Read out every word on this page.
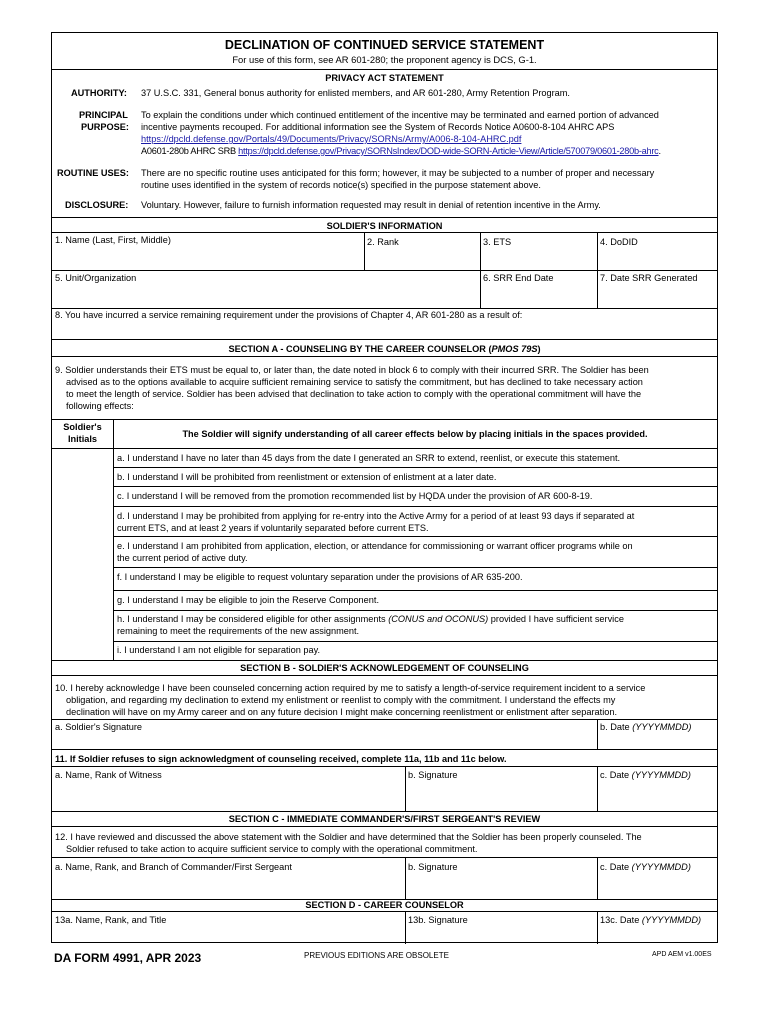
DECLINATION OF CONTINUED SERVICE STATEMENT
For use of this form, see AR 601-280; the proponent agency is DCS, G-1.
PRIVACY ACT STATEMENT
AUTHORITY: 37 U.S.C. 331, General bonus authority for enlisted members, and AR 601-280, Army Retention Program.
PRINCIPAL
PURPOSE:
To explain the conditions under which continued entitlement of the incentive may be terminated and earned portion of advanced
incentive payments recouped. For additional information see the System of Records Notice A0600-8-104 AHRC APS
https://dpcld.defense.gov/Portals/49/Documents/Privacy/SORNs/Army/A006-8-104-AHRC.pdf
A0601-280b AHRC SRB https://dpcld.defense.gov/Privacy/SORNsIndex/DOD-wide-SORN-Article-View/Article/570079/0601-280b-ahrc.
ROUTINE USES: There are no specific routine uses anticipated for this form; however, it may be subjected to a number of proper and necessary
routine uses identified in the system of records notice(s) specified in the purpose statement above.
DISCLOSURE: Voluntary. However, failure to furnish information requested may result in denial of retention incentive in the Army.
SOLDIER'S INFORMATION
1. Name (Last, First, Middle)	2. Rank	3. ETS	4. DoDID
5. Unit/Organization	6. SRR End Date	7. Date SRR Generated
8. You have incurred a service remaining requirement under the provisions of Chapter 4, AR 601-280 as a result of:
SECTION A - COUNSELING BY THE CAREER COUNSELOR (PMOS 79S)
9. Soldier understands their ETS must be equal to, or later than, the date noted in block 6 to comply with their incurred SRR. The Soldier has been
advised as to the options available to acquire sufficient remaining service to satisfy the commitment, but has declined to take necessary action
to meet the length of service. Soldier has been advised that declination to take action to comply with the operational commitment will have the
following effects:
Soldier's
Initials	The Soldier will signify understanding of all career effects below by placing initials in the spaces provided.
a. I understand I have no later than 45 days from the date I generated an SRR to extend, reenlist, or execute this statement.
b. I understand I will be prohibited from reenlistment or extension of enlistment at a later date.
c. I understand I will be removed from the promotion recommended list by HQDA under the provision of AR 600-8-19.
d. I understand I may be prohibited from applying for re-entry into the Active Army for a period of at least 93 days if separated at
current ETS, and at least 2 years if voluntarily separated before current ETS.
e. I understand I am prohibited from application, election, or attendance for commissioning or warrant officer programs while on
the current period of active duty.
f. I understand I may be eligible to request voluntary separation under the provisions of AR 635-200.
g. I understand I may be eligible to join the Reserve Component.
h. I understand I may be considered eligible for other assignments (CONUS and OCONUS) provided I have sufficient service
remaining to meet the requirements of the new assignment.
i. I understand I am not eligible for separation pay.
SECTION B - SOLDIER'S ACKNOWLEDGEMENT OF COUNSELING
10. I hereby acknowledge I have been counseled concerning action required by me to satisfy a length-of-service requirement incident to a service
obligation, and regarding my declination to extend my enlistment or reenlist to comply with the commitment. I understand the effects my
declination will have on my Army career and on any future decision I might make concerning reenlistment or enlistment after separation.
a. Soldier's Signature	b. Date (YYYYMMDD)
11. If Soldier refuses to sign acknowledgment of counseling received, complete 11a, 11b and 11c below.
a. Name, Rank of Witness	b. Signature	c. Date (YYYYMMDD)
SECTION C - IMMEDIATE COMMANDER'S/FIRST SERGEANT'S REVIEW
12. I have reviewed and discussed the above statement with the Soldier and have determined that the Soldier has been properly counseled. The
Soldier refused to take action to acquire sufficient service to comply with the operational commitment.
a. Name, Rank, and Branch of Commander/First Sergeant	b. Signature	c. Date (YYYYMMDD)
SECTION D - CAREER COUNSELOR
13a. Name, Rank, and Title	13b. Signature	13c. Date (YYYYMMDD)
DA FORM 4991, APR 2023	PREVIOUS EDITIONS ARE OBSOLETE	APD AEM v1.00ES
